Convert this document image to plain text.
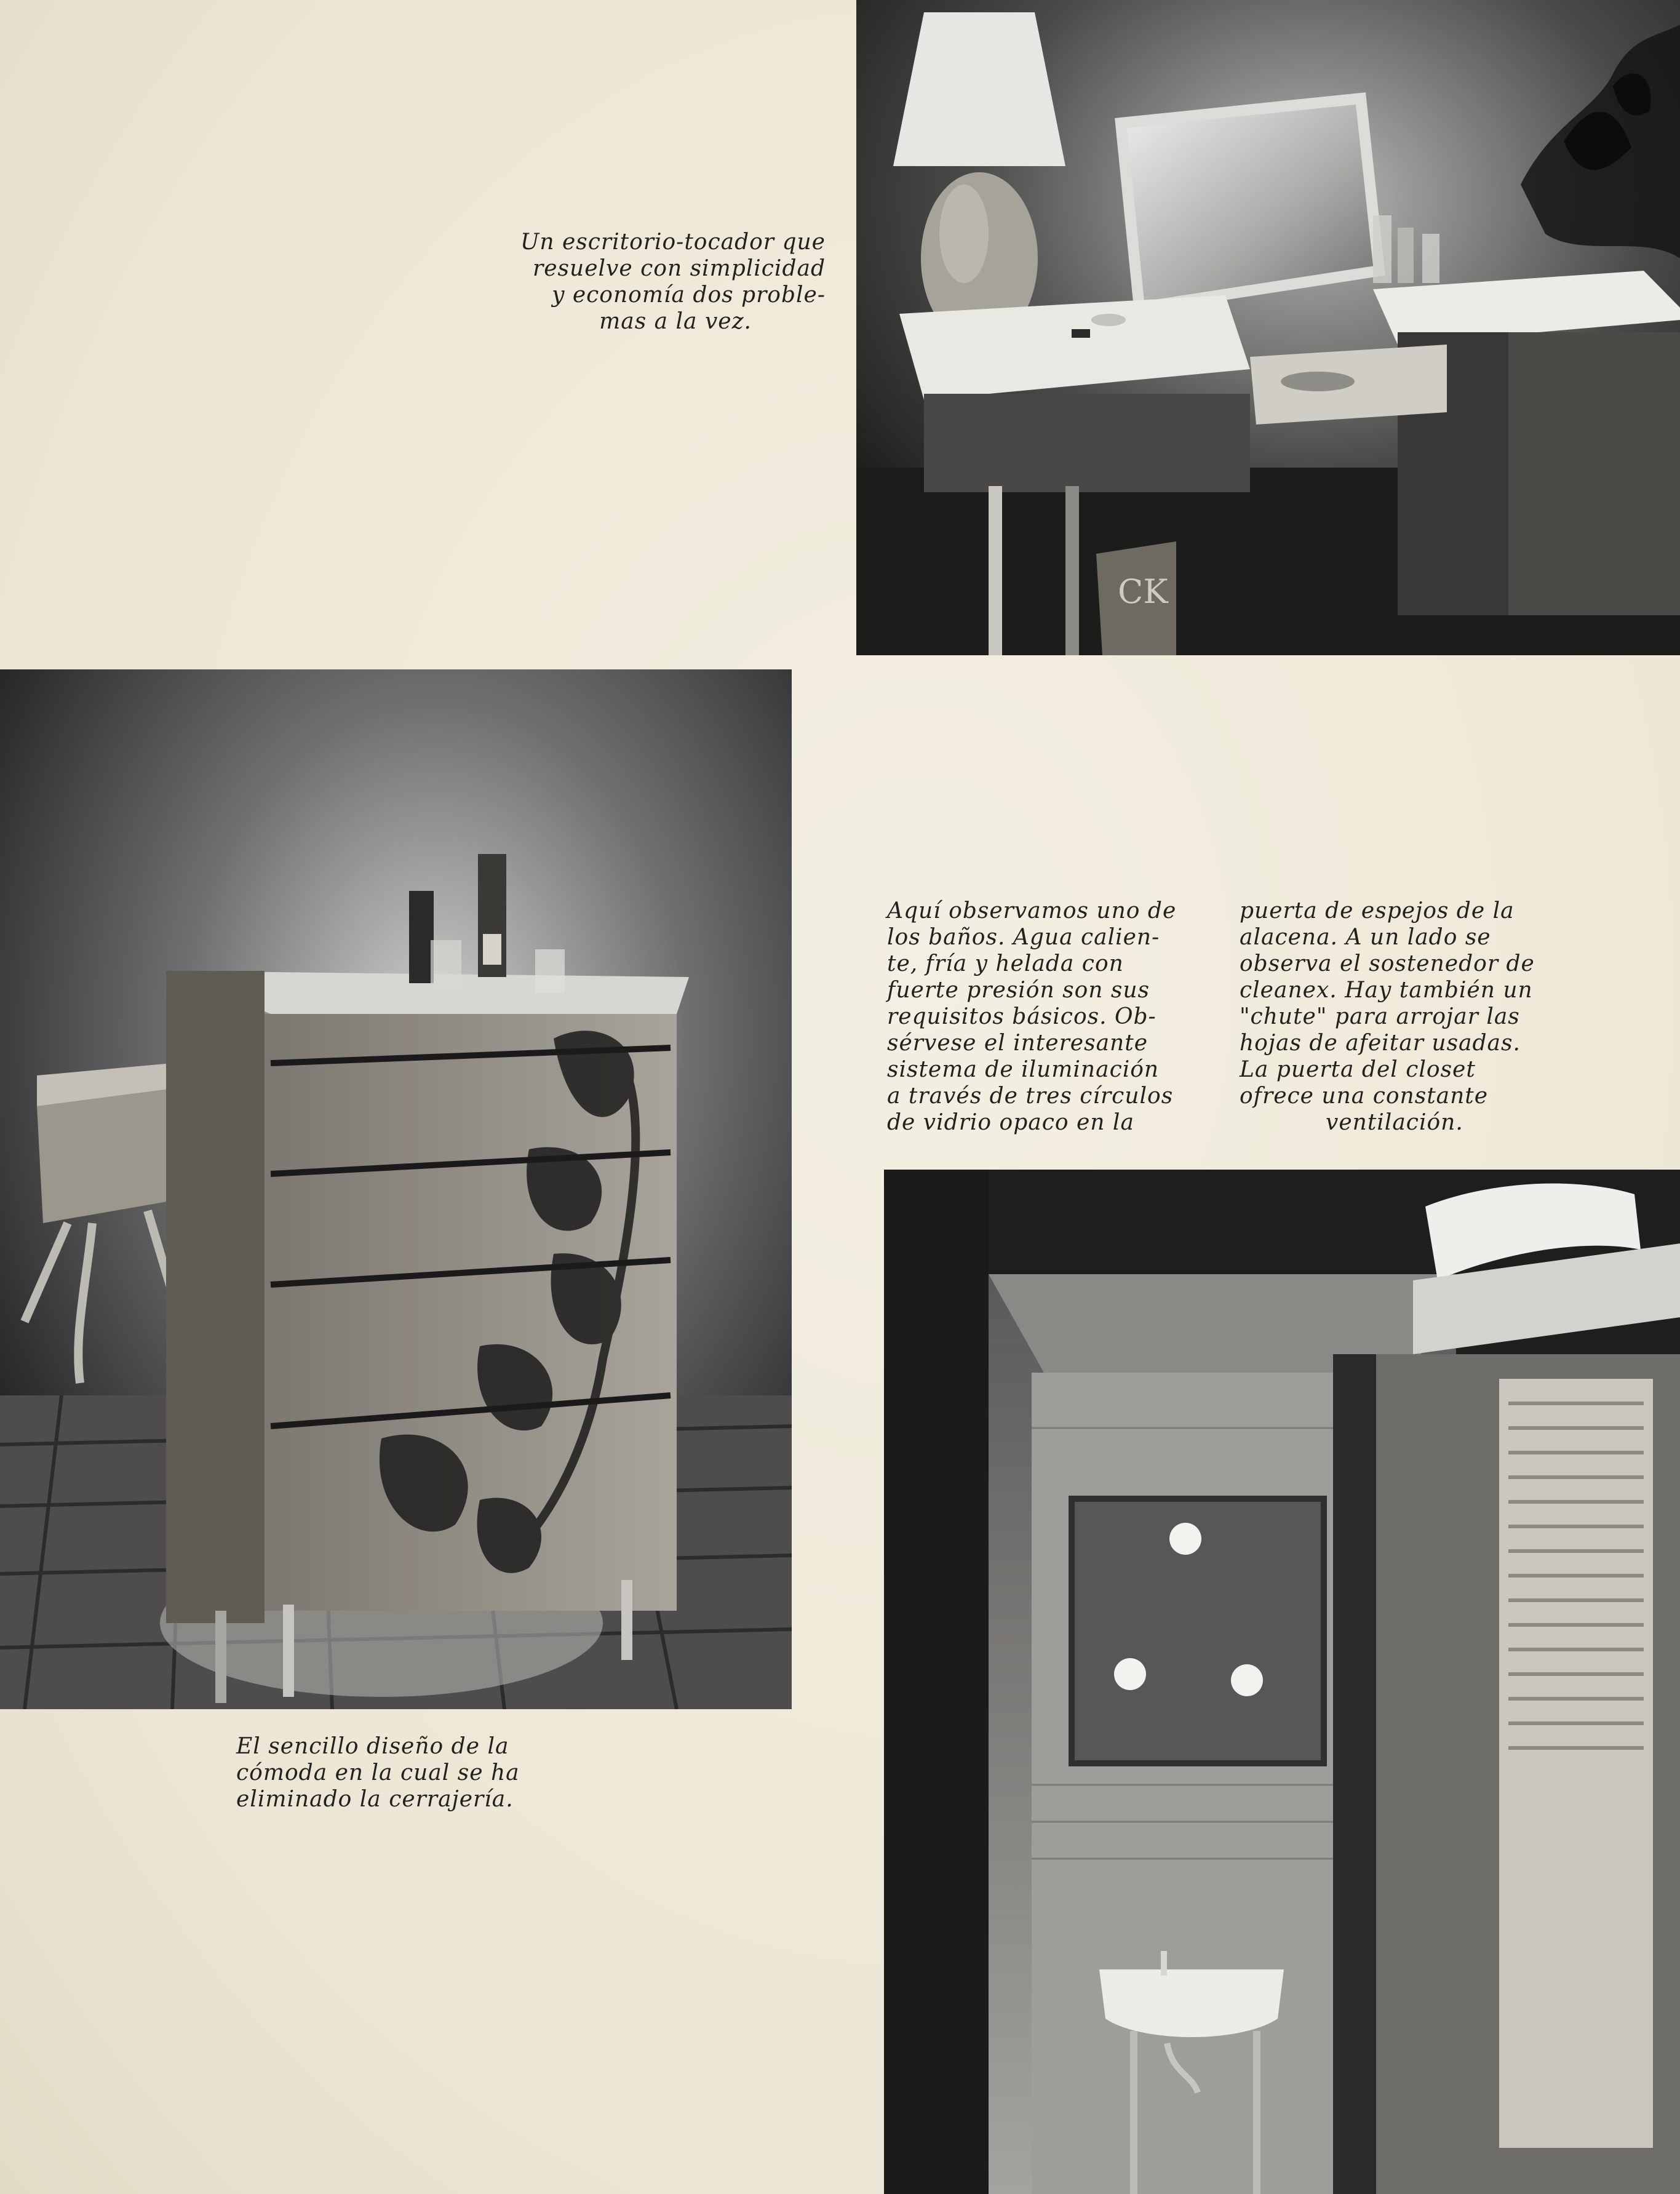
CK
Un escritorio-tocador que
resuelve con simplicidad
y economía dos proble-
mas a la vez.
El sencillo diseño de la
cómoda en la cual se ha
eliminado la cerrajería.
Aquí observamos uno de
los baños. Agua calien-
te, fría y helada con
fuerte presión son sus
requisitos básicos. Ob-
sérvese el interesante
sistema de iluminación
a través de tres círculos
de vidrio opaco en la
puerta de espejos de la
alacena. A un lado se
observa el sostenedor de
cleanex. Hay también un
"chute" para arrojar las
hojas de afeitar usadas.
La puerta del closet
ofrece una constante
ventilación.
